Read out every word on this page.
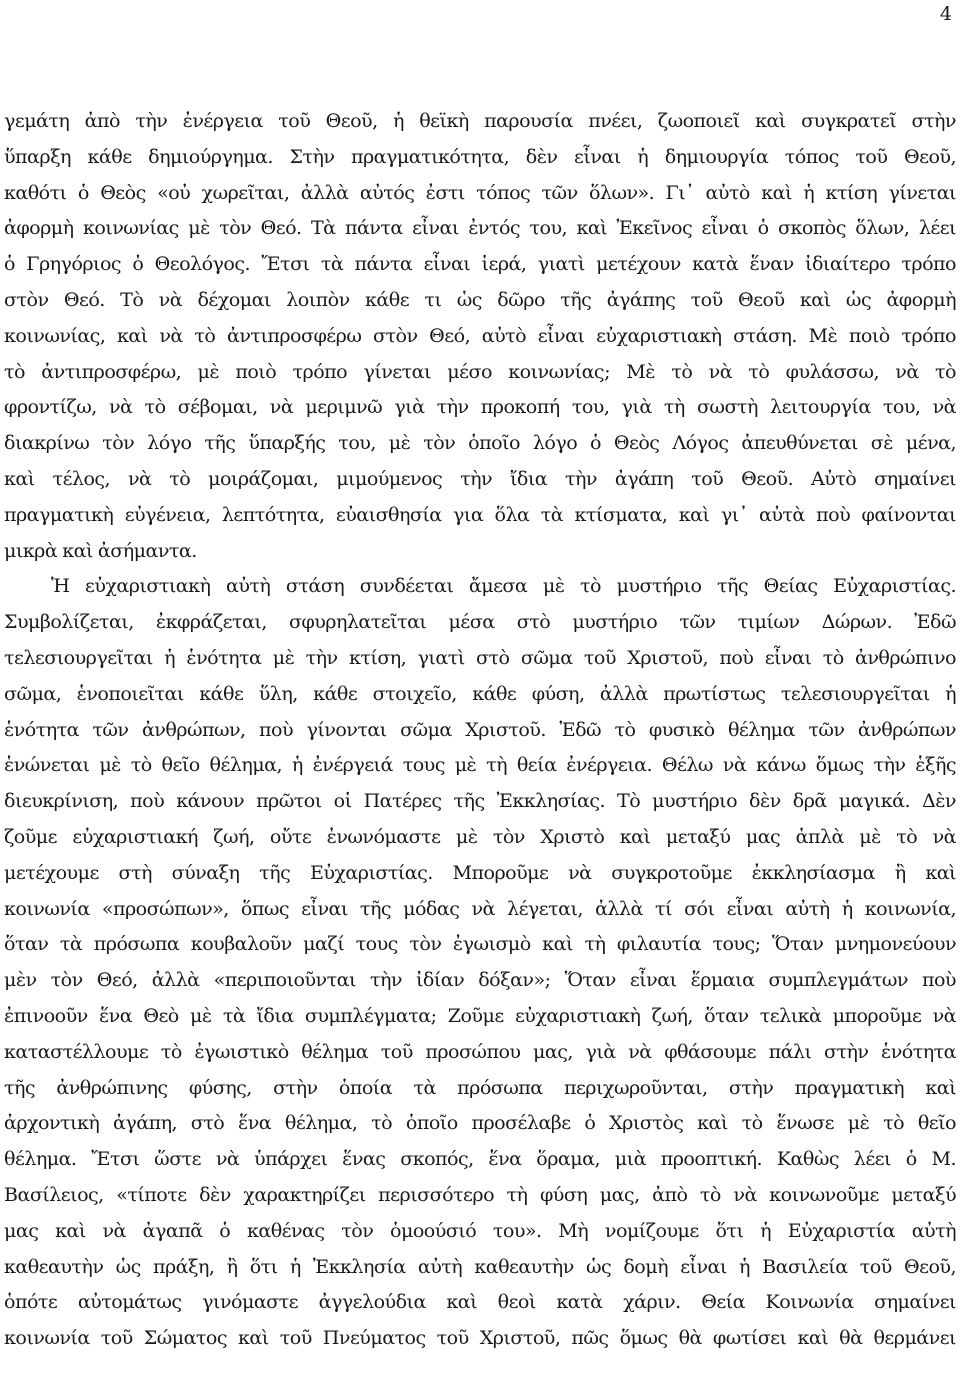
4
γεμάτη ἀπὸ τὴν ἐνέργεια τοῦ Θεοῦ, ἡ θεϊκὴ παρουσία πνέει, ζωοποιεῖ καὶ συγκρατεῖ στὴν
ὕπαρξη κάθε δημιούργημα. Στὴν πραγματικότητα, δὲν εἶναι ἡ δημιουργία τόπος τοῦ Θεοῦ,
καθότι ὁ Θεὸς «οὐ χωρεῖται, ἀλλὰ αὐτός ἐστι τόπος τῶν ὅλων». Γι᾿ αὐτὸ καὶ ἡ κτίση γίνεται
ἀφορμὴ κοινωνίας μὲ τὸν Θεό. Τὰ πάντα εἶναι ἐντός του, καὶ Ἐκεῖνος εἶναι ὁ σκοπὸς ὅλων, λέει
ὁ Γρηγόριος ὁ Θεολόγος. Ἔτσι τὰ πάντα εἶναι ἱερά, γιατὶ μετέχουν κατὰ ἕναν ἰδιαίτερο τρόπο
στὸν Θεό. Τὸ νὰ δέχομαι λοιπὸν κάθε τι ὡς δῶρο τῆς ἀγάπης τοῦ Θεοῦ καὶ ὡς ἀφορμὴ
κοινωνίας, καὶ νὰ τὸ ἀντιπροσφέρω στὸν Θεό, αὐτὸ εἶναι εὐχαριστιακὴ στάση. Μὲ ποιὸ τρόπο
τὸ ἀντιπροσφέρω, μὲ ποιὸ τρόπο γίνεται μέσο κοινωνίας; Μὲ τὸ νὰ τὸ φυλάσσω, νὰ τὸ
φροντίζω, νὰ τὸ σέβομαι, νὰ μεριμνῶ γιὰ τὴν προκοπή του, γιὰ τὴ σωστὴ λειτουργία του, νὰ
διακρίνω τὸν λόγο τῆς ὕπαρξής του, μὲ τὸν ὁποῖο λόγο ὁ Θεὸς Λόγος ἀπευθύνεται σὲ μένα,
καὶ τέλος, νὰ τὸ μοιράζομαι, μιμούμενος τὴν ἴδια τὴν ἀγάπη τοῦ Θεοῦ. Αὐτὸ σημαίνει
πραγματικὴ εὐγένεια, λεπτότητα, εὐαισθησία για ὅλα τὰ κτίσματα, καὶ γι᾿ αὐτὰ ποὺ φαίνονται
μικρὰ καὶ ἀσήμαντα.
Ἡ εὐχαριστιακὴ αὐτὴ στάση συνδέεται ἄμεσα μὲ τὸ μυστήριο τῆς Θείας Εὐχαριστίας.
Συμβολίζεται, ἐκφράζεται, σφυρηλατεῖται μέσα στὸ μυστήριο τῶν τιμίων Δώρων. Ἐδῶ
τελεσιουργεῖται ἡ ἑνότητα μὲ τὴν κτίση, γιατὶ στὸ σῶμα τοῦ Χριστοῦ, ποὺ εἶναι τὸ ἀνθρώπινο
σῶμα, ἑνοποιεῖται κάθε ὕλη, κάθε στοιχεῖο, κάθε φύση, ἀλλὰ πρωτίστως τελεσιουργεῖται ἡ
ἑνότητα τῶν ἀνθρώπων, ποὺ γίνονται σῶμα Χριστοῦ. Ἐδῶ τὸ φυσικὸ θέλημα τῶν ἀνθρώπων
ἑνώνεται μὲ τὸ θεῖο θέλημα, ἡ ἐνέργειά τους μὲ τὴ θεία ἐνέργεια. Θέλω νὰ κάνω ὅμως τὴν ἑξῆς
διευκρίνιση, ποὺ κάνουν πρῶτοι οἱ Πατέρες τῆς Ἐκκλησίας. Τὸ μυστήριο δὲν δρᾶ μαγικά. Δὲν
ζοῦμε εὐχαριστιακή ζωή, οὔτε ἑνωνόμαστε μὲ τὸν Χριστὸ καὶ μεταξύ μας ἁπλὰ μὲ τὸ νὰ
μετέχουμε στὴ σύναξη τῆς Εὐχαριστίας. Μποροῦμε νὰ συγκροτοῦμε ἐκκλησίασμα ἢ καὶ
κοινωνία «προσώπων», ὅπως εἶναι τῆς μόδας νὰ λέγεται, ἀλλὰ τί σόι εἶναι αὐτὴ ἡ κοινωνία,
ὅταν τὰ πρόσωπα κουβαλοῦν μαζί τους τὸν ἐγωισμὸ καὶ τὴ φιλαυτία τους; Ὅταν μνημονεύουν
μὲν τὸν Θεό, ἀλλὰ «περιποιοῦνται τὴν ἰδίαν δόξαν»; Ὅταν εἶναι ἕρμαια συμπλεγμάτων ποὺ
ἐπινοοῦν ἕνα Θεὸ μὲ τὰ ἴδια συμπλέγματα; Ζοῦμε εὐχαριστιακὴ ζωή, ὅταν τελικὰ μποροῦμε νὰ
καταστέλλουμε τὸ ἐγωιστικὸ θέλημα τοῦ προσώπου μας, γιὰ νὰ φθάσουμε πάλι στὴν ἑνότητα
τῆς ἀνθρώπινης φύσης, στὴν ὁποία τὰ πρόσωπα περιχωροῦνται, στὴν πραγματικὴ καὶ
ἀρχοντικὴ ἀγάπη, στὸ ἕνα θέλημα, τὸ ὁποῖο προσέλαβε ὁ Χριστὸς καὶ τὸ ἕνωσε μὲ τὸ θεῖο
θέλημα. Ἔτσι ὥστε νὰ ὑπάρχει ἕνας σκοπός, ἕνα ὅραμα, μιὰ προοπτική. Καθὼς λέει ὁ Μ.
Βασίλειος, «τίποτε δὲν χαρακτηρίζει περισσότερο τὴ φύση μας, ἀπὸ τὸ νὰ κοινωνοῦμε μεταξύ
μας καὶ νὰ ἀγαπᾶ ὁ καθένας τὸν ὁμοούσιό του». Μὴ νομίζουμε ὅτι ἡ Εὐχαριστία αὐτὴ
καθεαυτὴν ὡς πράξη, ἢ ὅτι ἡ Ἐκκλησία αὐτὴ καθεαυτὴν ὡς δομὴ εἶναι ἡ Βασιλεία τοῦ Θεοῦ,
ὁπότε αὐτομάτως γινόμαστε ἀγγελούδια καὶ θεοὶ κατὰ χάριν. Θεία Κοινωνία σημαίνει
κοινωνία τοῦ Σώματος καὶ τοῦ Πνεύματος τοῦ Χριστοῦ, πῶς ὅμως θὰ φωτίσει καὶ θὰ θερμάνει
